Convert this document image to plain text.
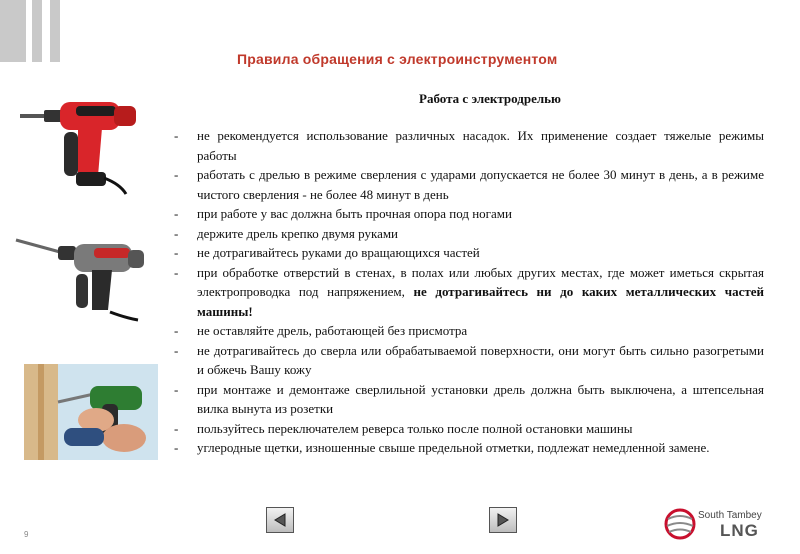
Правила обращения с электроинструментом
Работа с электродрелью
- не рекомендуется использование различных насадок. Их применение создает тяжелые режимы работы
- работать с дрелью в режиме сверления с ударами допускается не более 30 минут в день, а в режиме чистого сверления - не более 48 минут в день
- при работе у вас должна быть прочная опора под ногами
- держите дрель крепко двумя руками
- не дотрагивайтесь руками до вращающихся частей
- при обработке отверстий в стенах, в полах или любых других местах, где может иметься скрытая электропроводка под напряжением, не дотрагивайтесь ни до каких металлических частей машины!
- не оставляйте дрель, работающей без присмотра
- не дотрагивайтесь до сверла или обрабатываемой поверхности, они могут быть сильно разогретыми и обжечь Вашу кожу
- при монтаже и демонтаже сверлильной установки дрель должна быть выключена, а штепсельная вилка вынута из розетки
- пользуйтесь переключателем реверса только после полной остановки машины
- углеродные щетки, изношенные свыше предельной отметки, подлежат немедленной замене.
9
South Tambey
LNG
